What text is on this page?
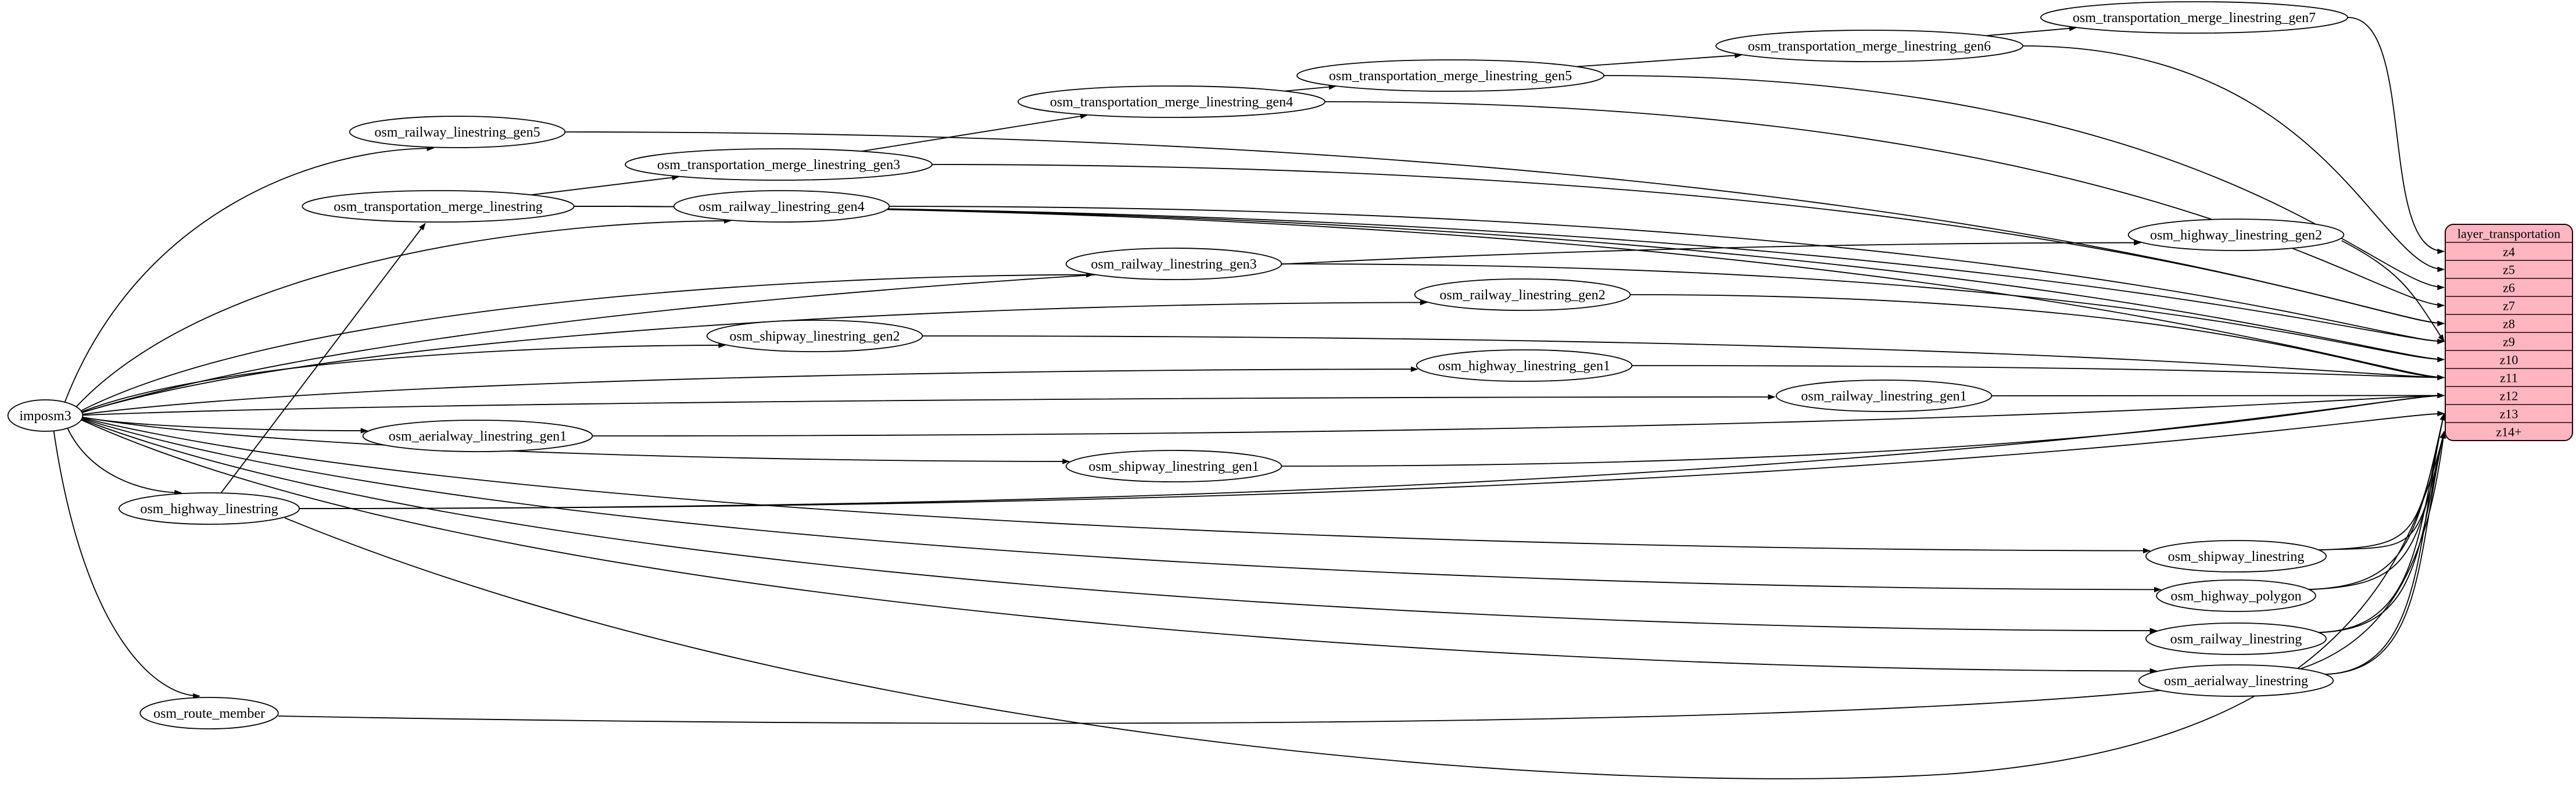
imposm3
osm_railway_linestring_gen5
osm_transportation_merge_linestring
osm_aerialway_linestring_gen1
osm_highway_linestring
osm_route_member
osm_transportation_merge_linestring_gen3
osm_railway_linestring_gen4
osm_shipway_linestring_gen2
osm_transportation_merge_linestring_gen4
osm_railway_linestring_gen3
osm_shipway_linestring_gen1
osm_transportation_merge_linestring_gen5
osm_railway_linestring_gen2
osm_highway_linestring_gen1
osm_transportation_merge_linestring_gen6
osm_railway_linestring_gen1
osm_transportation_merge_linestring_gen7
osm_highway_linestring_gen2
osm_shipway_linestring
osm_highway_polygon
osm_railway_linestring
osm_aerialway_linestring
layer_transportation
z4
z5
z6
z7
z8
z9
z10
z11
z12
z13
z14+
